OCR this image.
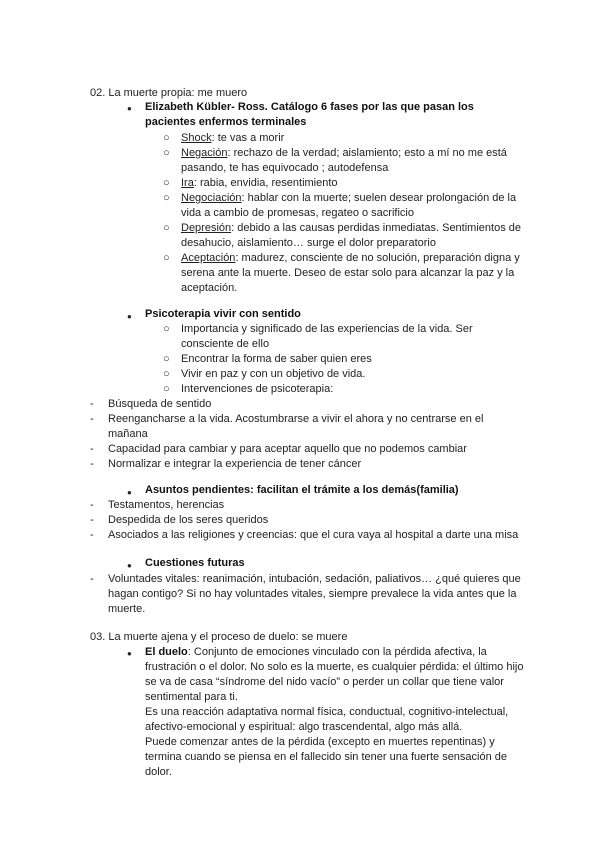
02. La muerte propia: me muero
● Elizabeth Kübler- Ross. Catálogo 6 fases por las que pasan los
pacientes enfermos terminales
○ Shock: te vas a morir
○ Negación: rechazo de la verdad; aislamiento; esto a mí no me está
pasando, te has equivocado ; autodefensa
○ Ira: rabia, envidia, resentimiento
○ Negociación: hablar con la muerte; suelen desear prolongación de la
vida a cambio de promesas, regateo o sacrificio
○ Depresión: debido a las causas perdidas inmediatas. Sentimientos de
desahucio, aislamiento… surge el dolor preparatorio
○ Aceptación: madurez, consciente de no solución, preparación digna y
serena ante la muerte. Deseo de estar solo para alcanzar la paz y la
aceptación.
● Psicoterapia vivir con sentido
○ Importancia y significado de las experiencias de la vida. Ser
consciente de ello
○ Encontrar la forma de saber quien eres
○ Vivir en paz y con un objetivo de vida.
○ Intervenciones de psicoterapia:
- Búsqueda de sentido
- Reengancharse a la vida. Acostumbrarse a vivir el ahora y no centrarse en el
mañana
- Capacidad para cambiar y para aceptar aquello que no podemos cambiar
- Normalizar e integrar la experiencia de tener cáncer
● Asuntos pendientes: facilitan el trámite a los demás(familia)
- Testamentos, herencias
- Despedida de los seres queridos
- Asociados a las religiones y creencias: que el cura vaya al hospital a darte una misa
● Cuestiones futuras
- Voluntades vitales: reanimación, intubación, sedación, paliativos… ¿qué quieres que
hagan contigo? Si no hay voluntades vitales, siempre prevalece la vida antes que la
muerte.
03. La muerte ajena y el proceso de duelo: se muere
● El duelo: Conjunto de emociones vinculado con la pérdida afectiva, la
frustración o el dolor. No solo es la muerte, es cualquier pérdida: el último hijo
se va de casa “síndrome del nido vacío” o perder un collar que tiene valor
sentimental para ti.
Es una reacción adaptativa normal física, conductual, cognitivo-intelectual,
afectivo-emocional y espiritual: algo trascendental, algo más allá.
Puede comenzar antes de la pérdida (excepto en muertes repentinas) y
termina cuando se piensa en el fallecido sin tener una fuerte sensación de
dolor.
